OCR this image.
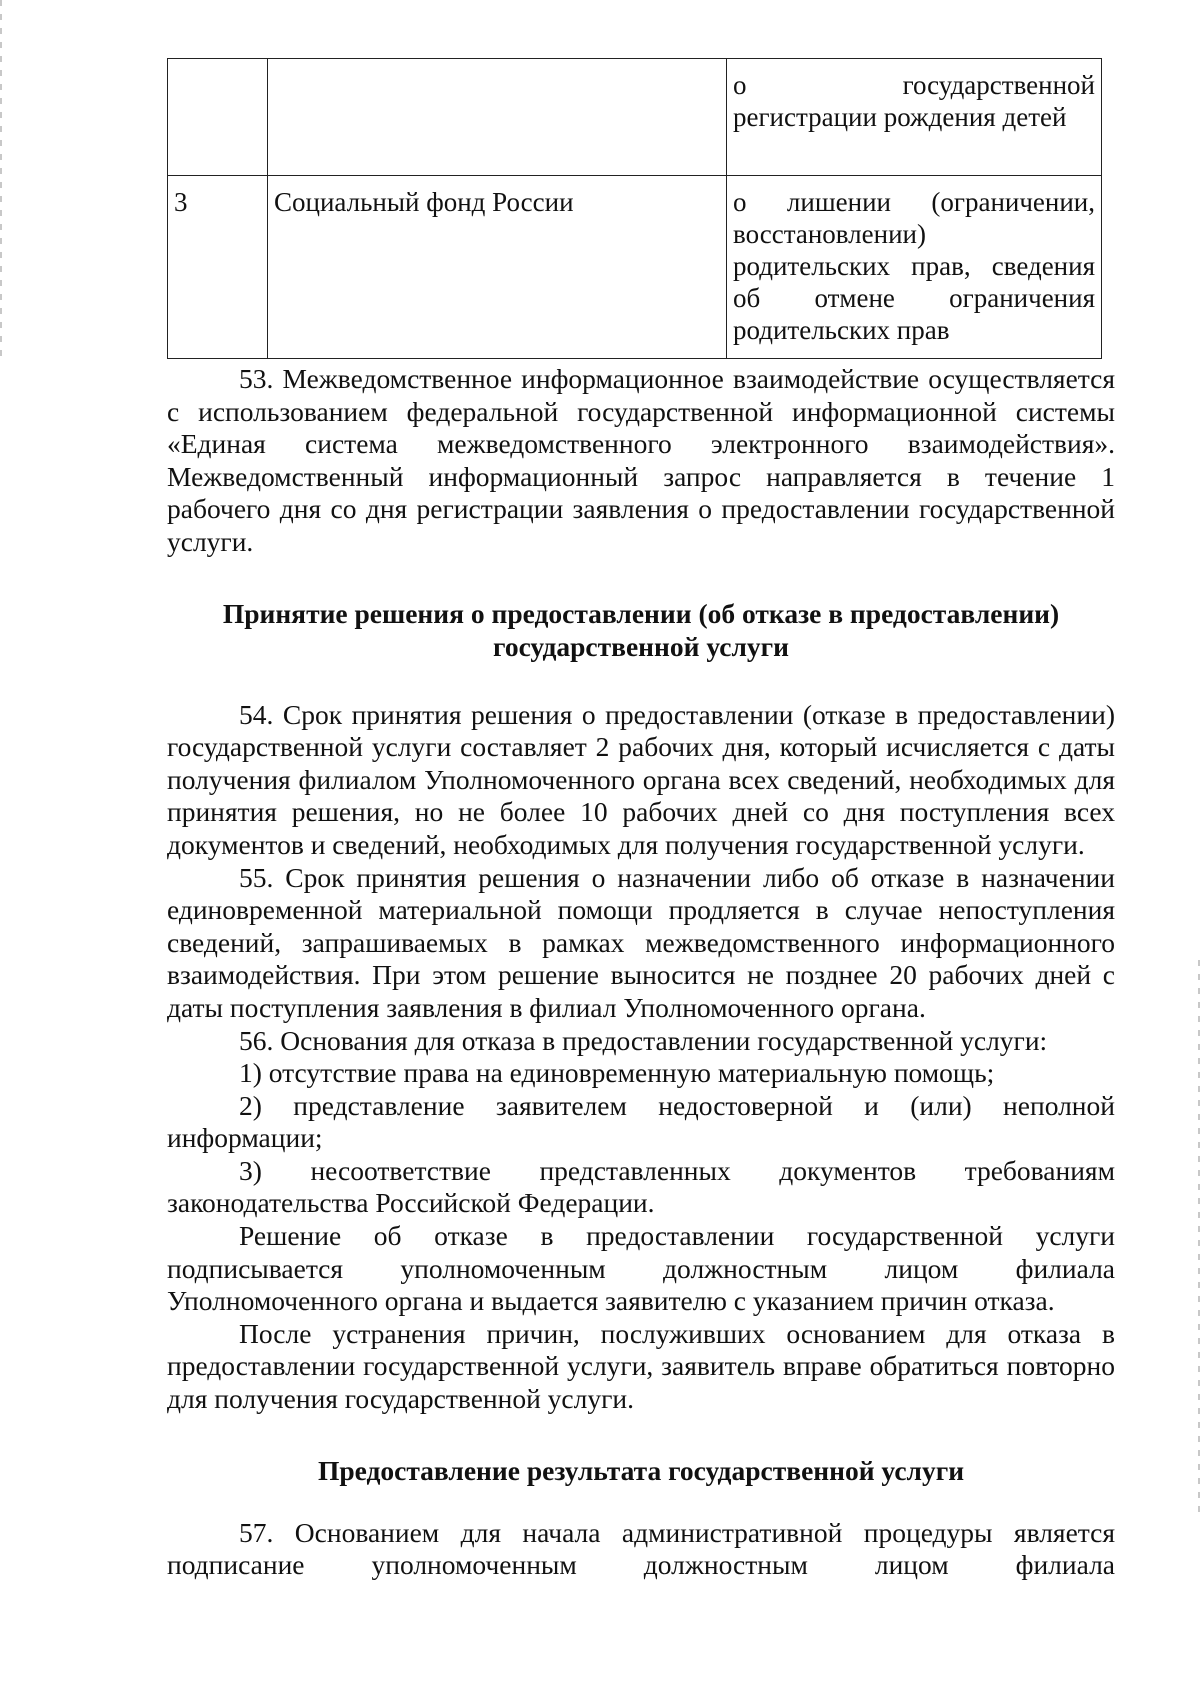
		о государственной
регистрации рождения детей

3	Социальный фонд России	о лишении (ограничении,
восстановлении)
родительских прав, сведения
об отмене ограничения
родительских прав

53. Межведомственное информационное взаимодействие осуществляется с использованием федеральной государственной информационной системы «Единая система межведомственного электронного взаимодействия». Межведомственный информационный запрос направляется в течение 1 рабочего дня со дня регистрации заявления о предоставлении государственной услуги.

Принятие решения о предоставлении (об отказе в предоставлении)
государственной услуги

54. Срок принятия решения о предоставлении (отказе в предоставлении) государственной услуги составляет 2 рабочих дня, который исчисляется с даты получения филиалом Уполномоченного органа всех сведений, необходимых для принятия решения, но не более 10 рабочих дней со дня поступления всех документов и сведений, необходимых для получения государственной услуги.

55. Срок принятия решения о назначении либо об отказе в назначении единовременной материальной помощи продляется в случае непоступления сведений, запрашиваемых в рамках межведомственного информационного взаимодействия. При этом решение выносится не позднее 20 рабочих дней с даты поступления заявления в филиал Уполномоченного органа.

56. Основания для отказа в предоставлении государственной услуги:

1) отсутствие права на единовременную материальную помощь;

2) представление заявителем недостоверной и (или) неполной информации;

3) несоответствие представленных документов требованиям законодательства Российской Федерации.

Решение об отказе в предоставлении государственной услуги подписывается уполномоченным должностным лицом филиала Уполномоченного органа и выдается заявителю с указанием причин отказа.

После устранения причин, послуживших основанием для отказа в предоставлении государственной услуги, заявитель вправе обратиться повторно для получения государственной услуги.

Предоставление результата государственной услуги

57. Основанием для начала административной процедуры является

подписание уполномоченным должностным лицом филиала
